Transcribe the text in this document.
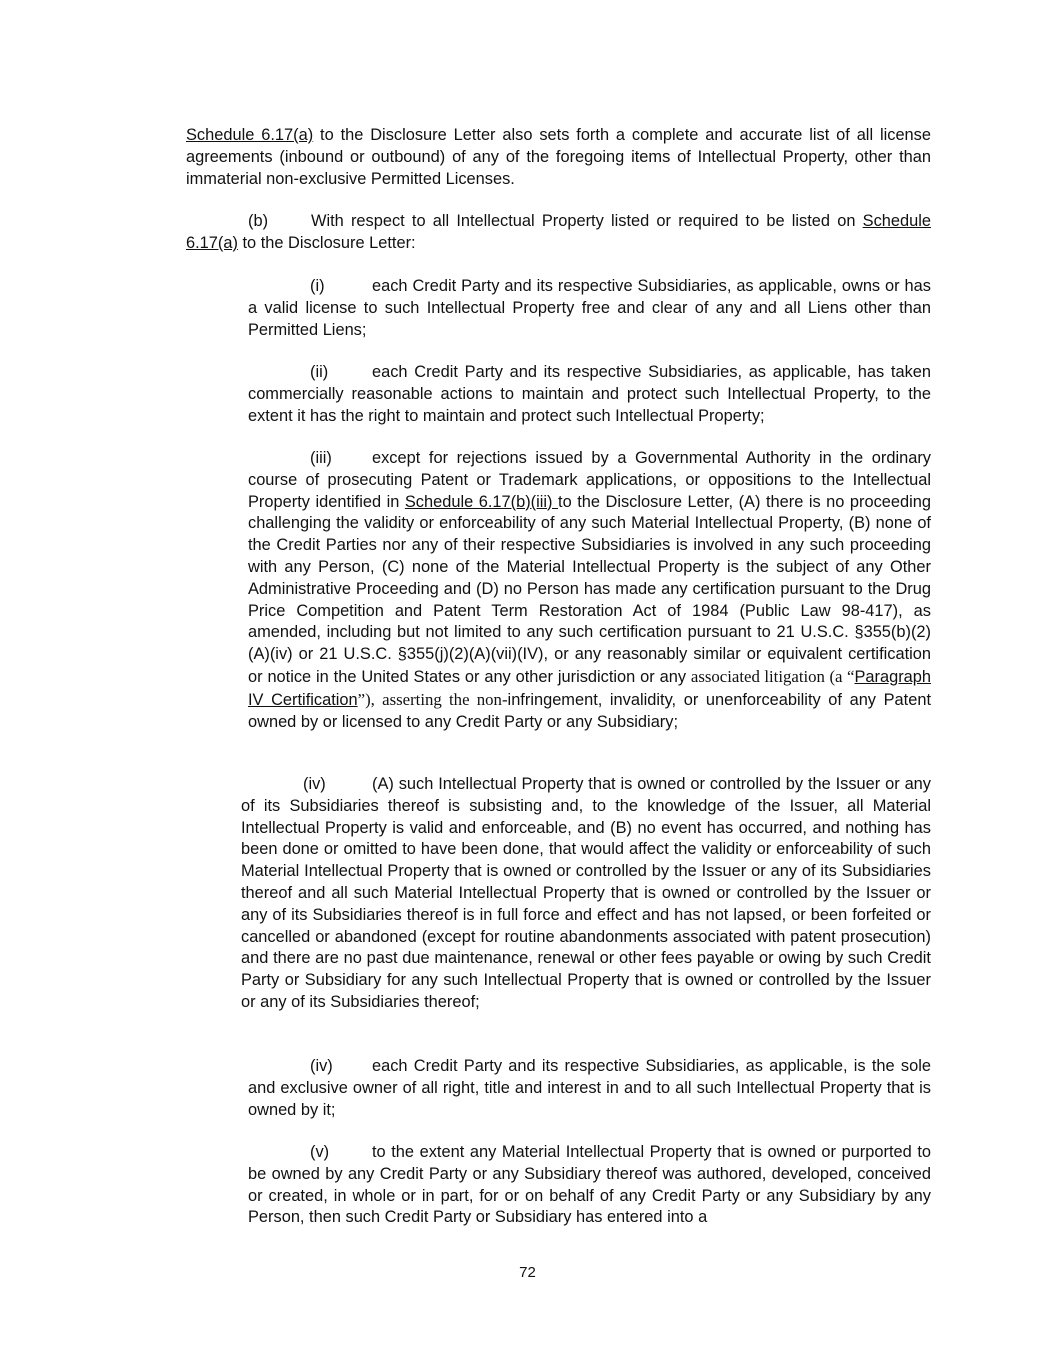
Schedule 6.17(a) to the Disclosure Letter also sets forth a complete and accurate list of all license agreements (inbound or outbound) of any of the foregoing items of Intellectual Property, other than immaterial non-exclusive Permitted Licenses.

(b)	With respect to all Intellectual Property listed or required to be listed on Schedule 6.17(a) to the Disclosure Letter:

(i)	each Credit Party and its respective Subsidiaries, as applicable, owns or has a valid license to such Intellectual Property free and clear of any and all Liens other than Permitted Liens;

(ii)	each Credit Party and its respective Subsidiaries, as applicable, has taken commercially reasonable actions to maintain and protect such Intellectual Property, to the extent it has the right to maintain and protect such Intellectual Property;

(iii) except for rejections issued by a Governmental Authority in the ordinary course of prosecuting Patent or Trademark applications, or oppositions to the Intellectual Property identified in Schedule 6.17(b)(iii) to the Disclosure Letter, (A) there is no proceeding challenging the validity or enforceability of any such Material Intellectual Property, (B) none of the Credit Parties nor any of their respective Subsidiaries is involved in any such proceeding with any Person, (C) none of the Material Intellectual Property is the subject of any Other Administrative Proceeding and (D) no Person has made any certification pursuant to the Drug Price Competition and Patent Term Restoration Act of 1984 (Public Law 98-417), as amended, including but not limited to any such certification pursuant to 21 U.S.C. §355(b)(2)(A)(iv) or 21 U.S.C. §355(j)(2)(A)(vii)(IV), or any reasonably similar or equivalent certification or notice in the United States or any other jurisdiction or any associated litigation (a “Paragraph IV Certification”), asserting the non-infringement, invalidity, or unenforceability of any Patent owned by or licensed to any Credit Party or any Subsidiary;

(iv)	(A) such Intellectual Property that is owned or controlled by the Issuer or any of its Subsidiaries thereof is subsisting and, to the knowledge of the Issuer, all Material Intellectual Property is valid and enforceable, and (B) no event has occurred, and nothing has been done or omitted to have been done, that would affect the validity or enforceability of such Material Intellectual Property that is owned or controlled by the Issuer or any of its Subsidiaries thereof and all such Material Intellectual Property that is owned or controlled by the Issuer or any of its Subsidiaries thereof is in full force and effect and has not lapsed, or been forfeited or cancelled or abandoned (except for routine abandonments associated with patent prosecution) and there are no past due maintenance, renewal or other fees payable or owing by such Credit Party or Subsidiary for any such Intellectual Property that is owned or controlled by the Issuer or any of its Subsidiaries thereof;

(iv) each Credit Party and its respective Subsidiaries, as applicable, is the sole and exclusive owner of all right, title and interest in and to all such Intellectual Property that is owned by it;

(v)	to the extent any Material Intellectual Property that is owned or purported to be owned by any Credit Party or any Subsidiary thereof was authored, developed, conceived or created, in whole or in part, for or on behalf of any Credit Party or any Subsidiary by any Person, then such Credit Party or Subsidiary has entered into a

72
